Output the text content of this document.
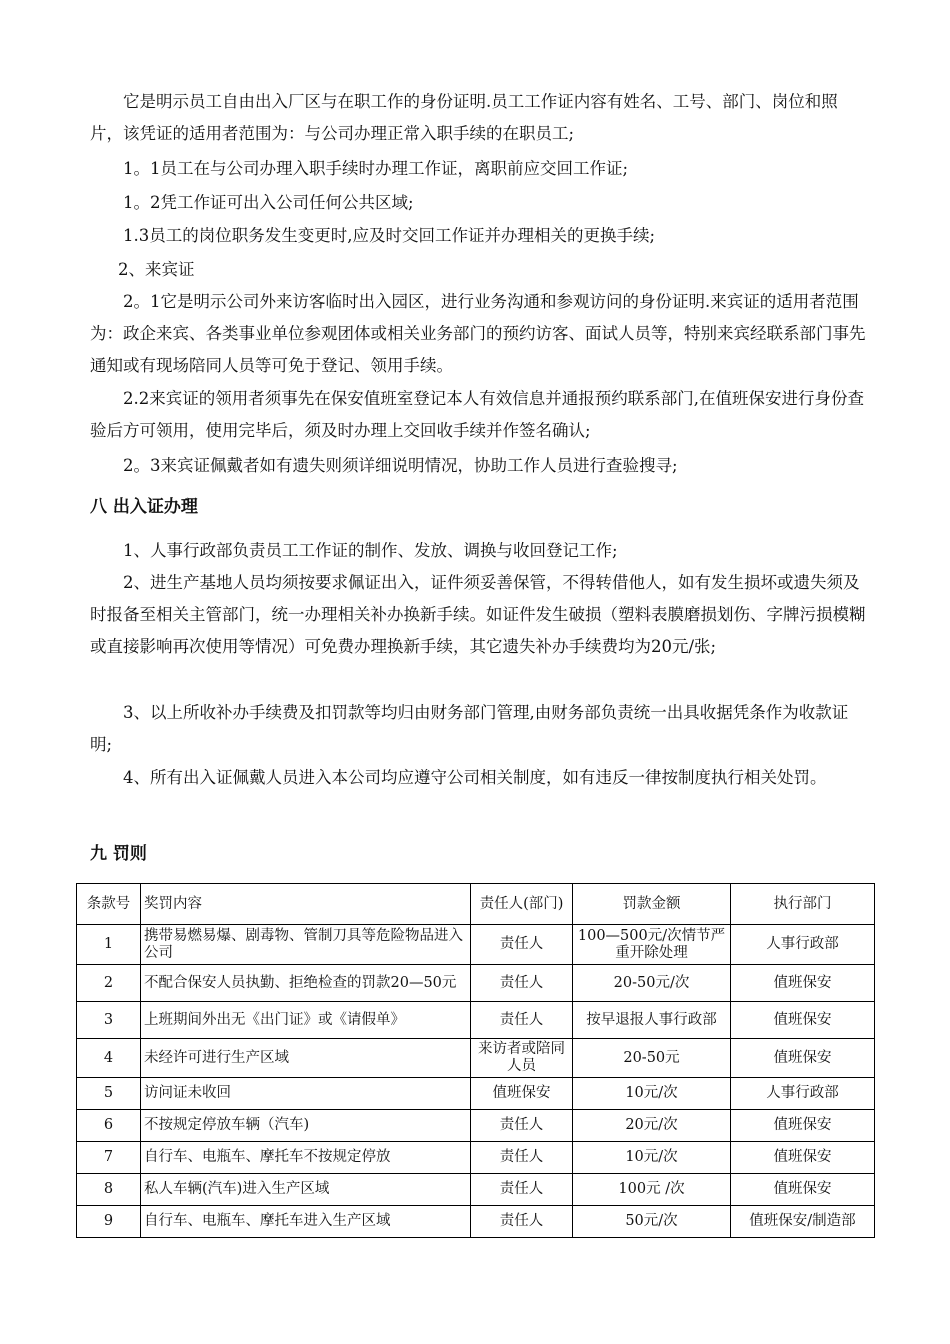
它是明示员工自由出入厂区与在职工作的身份证明.员工工作证内容有姓名、工号、部门、岗位和照片，该凭证的适用者范围为：与公司办理正常入职手续的在职员工;

1。1员工在与公司办理入职手续时办理工作证，离职前应交回工作证;

1。2凭工作证可出入公司任何公共区域;

1.3员工的岗位职务发生变更时,应及时交回工作证并办理相关的更换手续;

2、来宾证

2。1它是明示公司外来访客临时出入园区，进行业务沟通和参观访问的身份证明.来宾证的适用者范围为：政企来宾、各类事业单位参观团体或相关业务部门的预约访客、面试人员等，特别来宾经联系部门事先通知或有现场陪同人员等可免于登记、领用手续。

2.2来宾证的领用者须事先在保安值班室登记本人有效信息并通报预约联系部门,在值班保安进行身份查验后方可领用，使用完毕后，须及时办理上交回收手续并作签名确认;

2。3来宾证佩戴者如有遗失则须详细说明情况，协助工作人员进行查验搜寻;

八 出入证办理

1、人事行政部负责员工工作证的制作、发放、调换与收回登记工作;

2、进生产基地人员均须按要求佩证出入，证件须妥善保管，不得转借他人，如有发生损坏或遗失须及时报备至相关主管部门，统一办理相关补办换新手续。如证件发生破损（塑料表膜磨损划伤、字牌污损模糊或直接影响再次使用等情况）可免费办理换新手续，其它遗失补办手续费均为20元/张;

3、以上所收补办手续费及扣罚款等均归由财务部门管理,由财务部负责统一出具收据凭条作为收款证明;

4、所有出入证佩戴人员进入本公司均应遵守公司相关制度，如有违反一律按制度执行相关处罚。

九 罚则
条款号	奖罚内容	责任人(部门)	罚款金额	执行部门
1	携带易燃易爆、剧毒物、管制刀具等危险物品进入公司	责任人	100—500元/次情节严重开除处理	人事行政部
2	不配合保安人员执勤、拒绝检查的罚款20—50元	责任人	20-50元/次	值班保安
3	上班期间外出无《出门证》或《请假单》	责任人	按早退报人事行政部	值班保安
4	未经许可进行生产区域	来访者或陪同人员	20-50元	值班保安
5	访问证未收回	值班保安	10元/次	人事行政部
6	不按规定停放车辆（汽车)	责任人	20元/次	值班保安
7	自行车、电瓶车、摩托车不按规定停放	责任人	10元/次	值班保安
8	私人车辆(汽车)进入生产区域	责任人	100元 /次	值班保安
9	自行车、电瓶车、摩托车进入生产区域	责任人	50元/次	值班保安/制造部
